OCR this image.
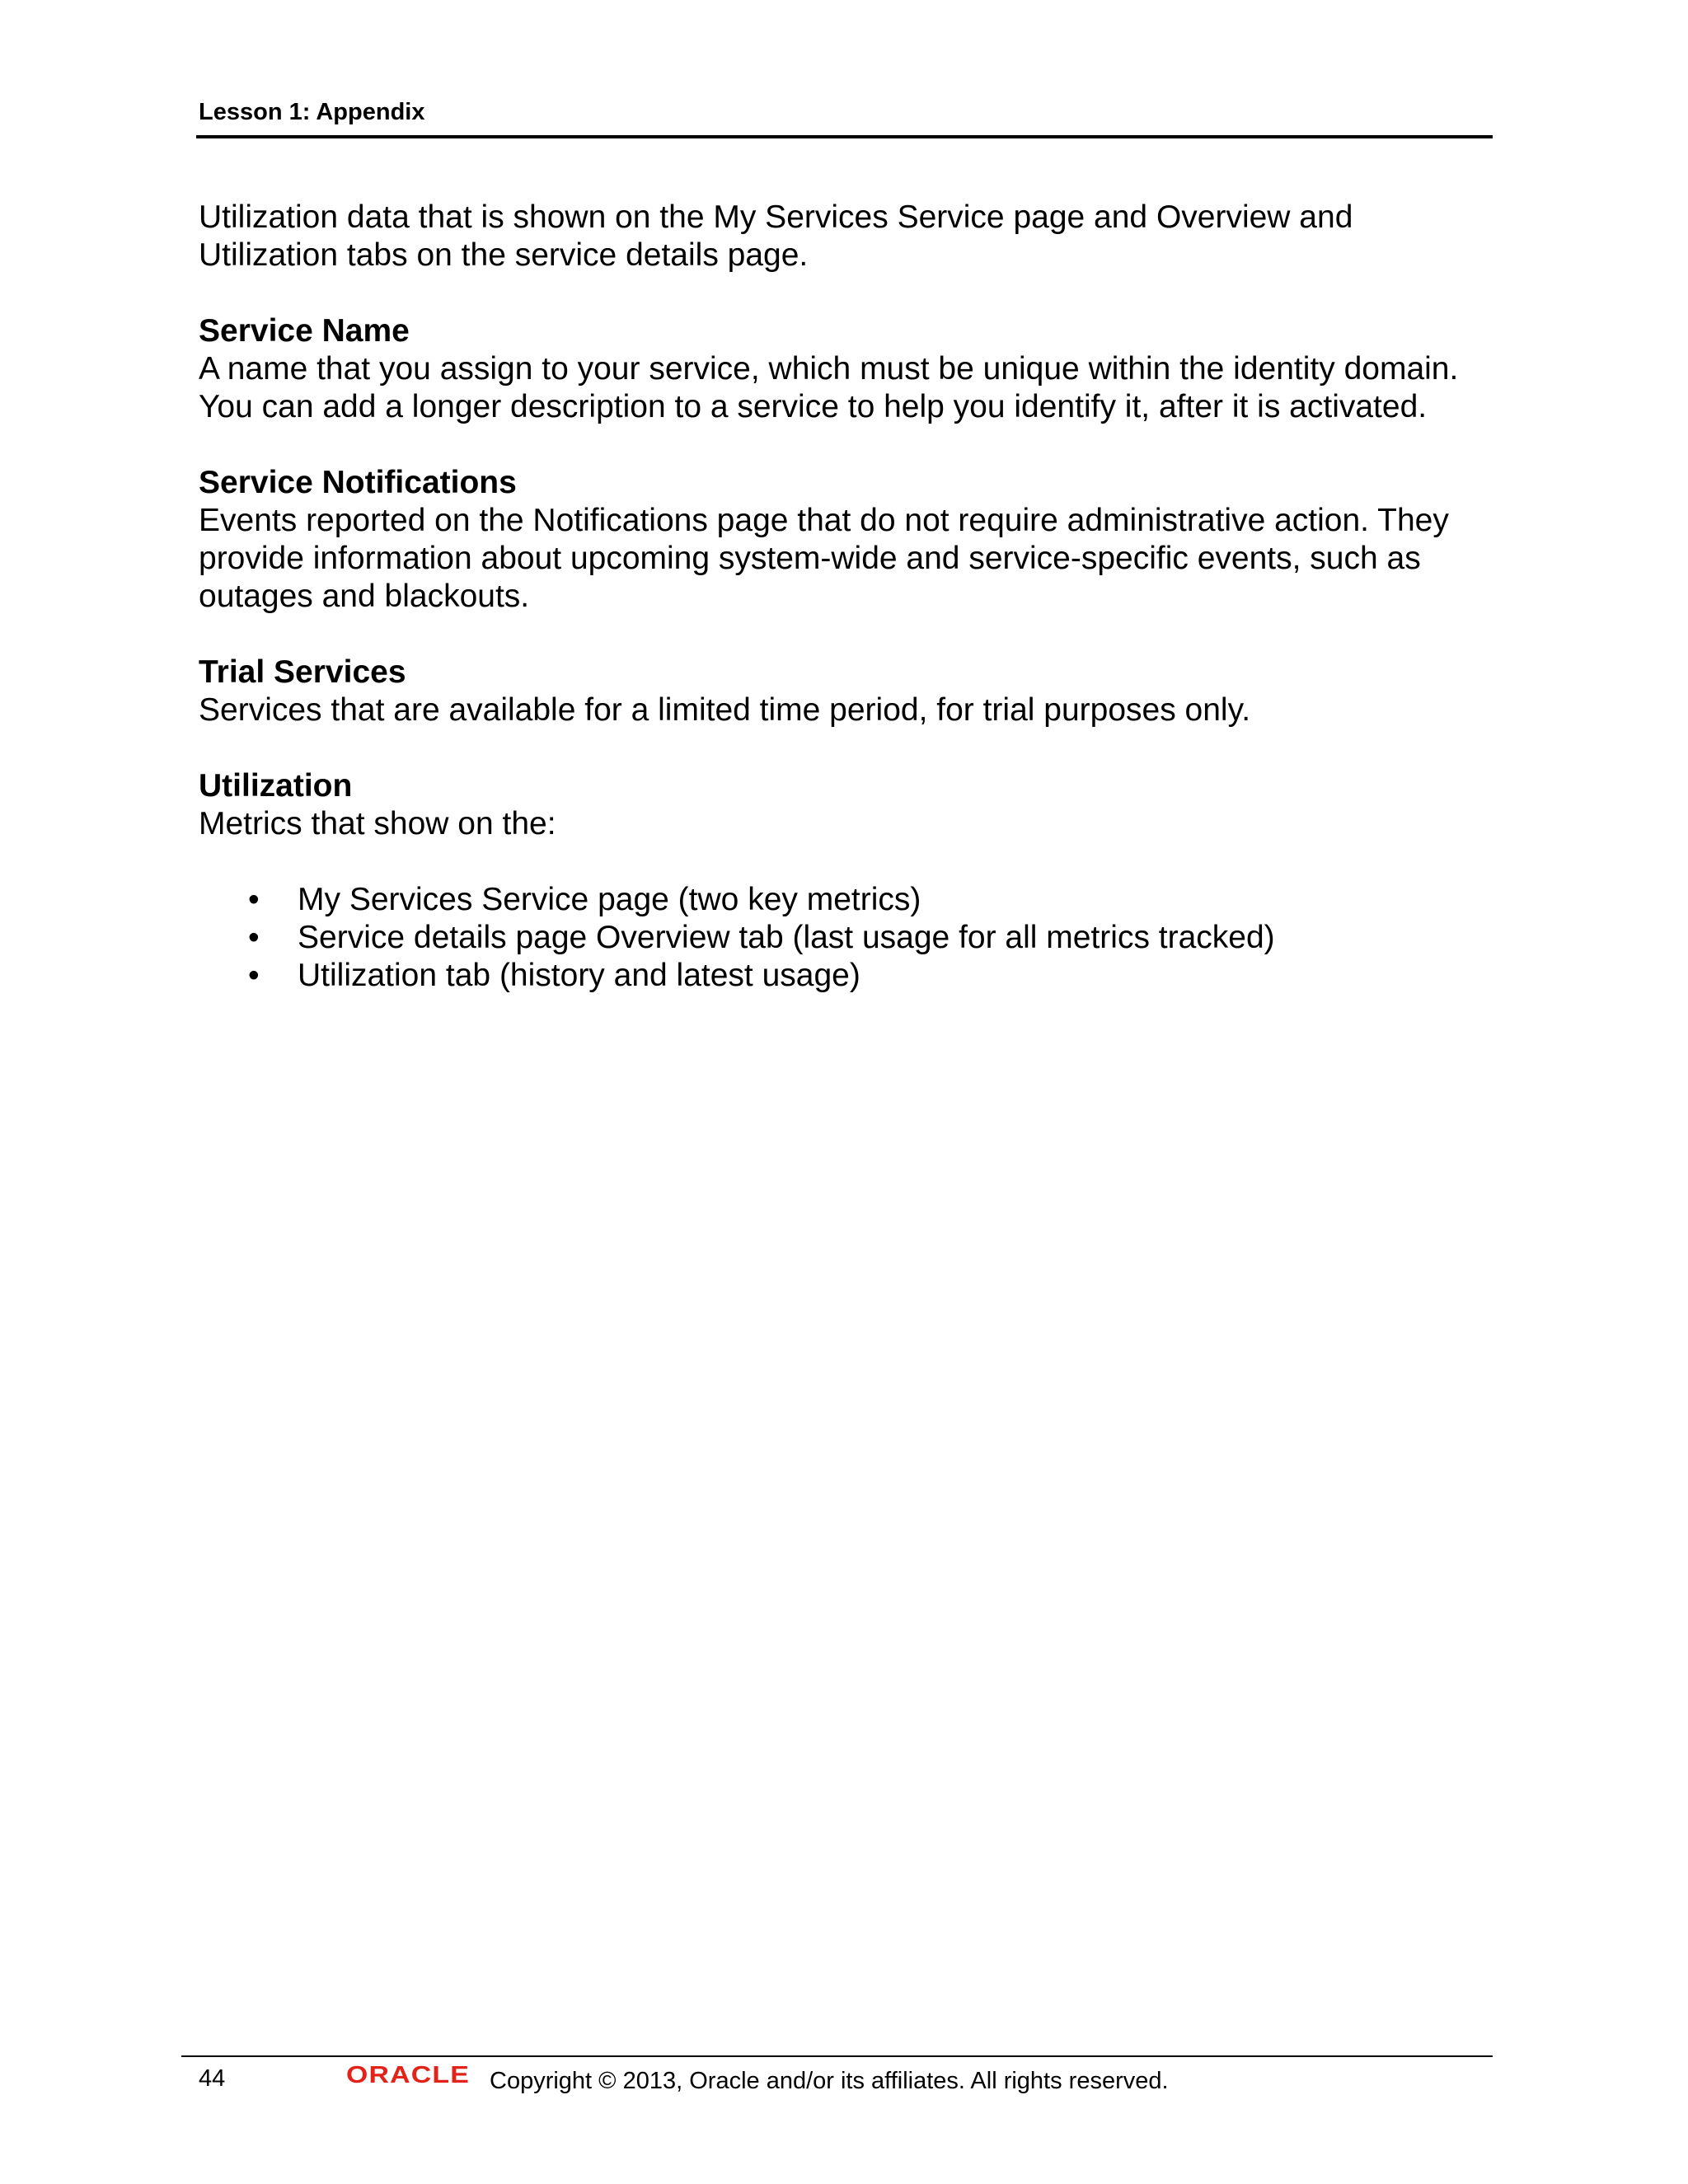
Lesson 1: Appendix

Utilization data that is shown on the My Services Service page and Overview and Utilization tabs on the service details page.

Service Name

A name that you assign to your service, which must be unique within the identity domain. You can add a longer description to a service to help you identify it, after it is activated.

Service Notifications

Events reported on the Notifications page that do not require administrative action. They provide information about upcoming system-wide and service-specific events, such as outages and blackouts.

Trial Services

Services that are available for a limited time period, for trial purposes only.

Utilization

Metrics that show on the:

• My Services Service page (two key metrics)
• Service details page Overview tab (last usage for all metrics tracked)
• Utilization tab (history and latest usage)
44	ORACLE Copyright © 2013, Oracle and/or its affiliates. All rights reserved.
